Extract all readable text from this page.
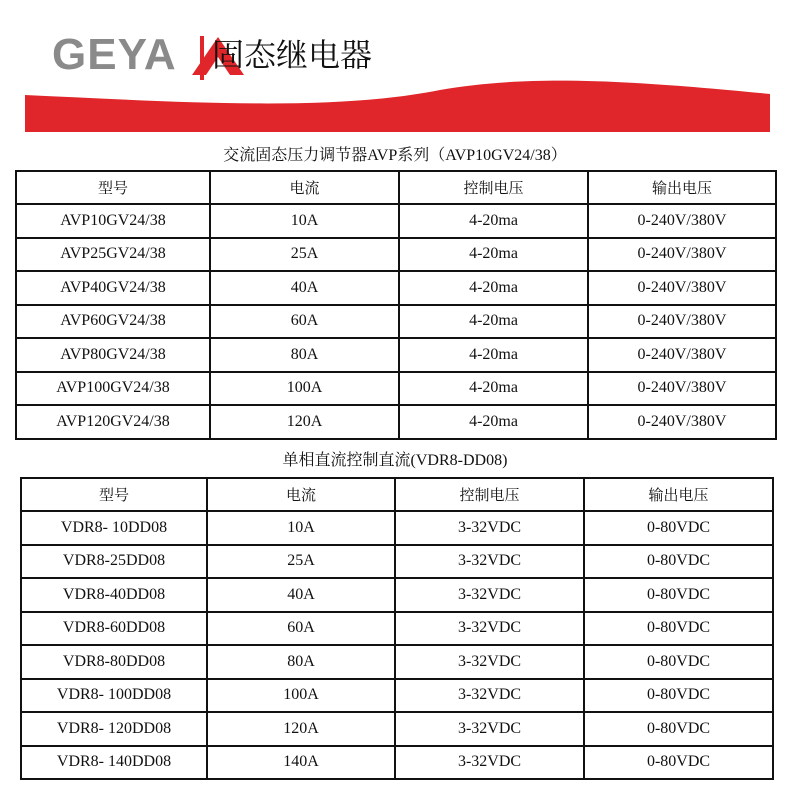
GEYA 固态继电器
交流固态压力调节器AVP系列（AVP10GV24/38）
型号	电流	控制电压	输出电压
AVP10GV24/38	10A	4-20ma	0-240V/380V
AVP25GV24/38	25A	4-20ma	0-240V/380V
AVP40GV24/38	40A	4-20ma	0-240V/380V
AVP60GV24/38	60A	4-20ma	0-240V/380V
AVP80GV24/38	80A	4-20ma	0-240V/380V
AVP100GV24/38	100A	4-20ma	0-240V/380V
AVP120GV24/38	120A	4-20ma	0-240V/380V
单相直流控制直流(VDR8-DD08)
型号	电流	控制电压	输出电压
VDR8- 10DD08	10A	3-32VDC	0-80VDC
VDR8-25DD08	25A	3-32VDC	0-80VDC
VDR8-40DD08	40A	3-32VDC	0-80VDC
VDR8-60DD08	60A	3-32VDC	0-80VDC
VDR8-80DD08	80A	3-32VDC	0-80VDC
VDR8- 100DD08	100A	3-32VDC	0-80VDC
VDR8- 120DD08	120A	3-32VDC	0-80VDC
VDR8- 140DD08	140A	3-32VDC	0-80VDC
